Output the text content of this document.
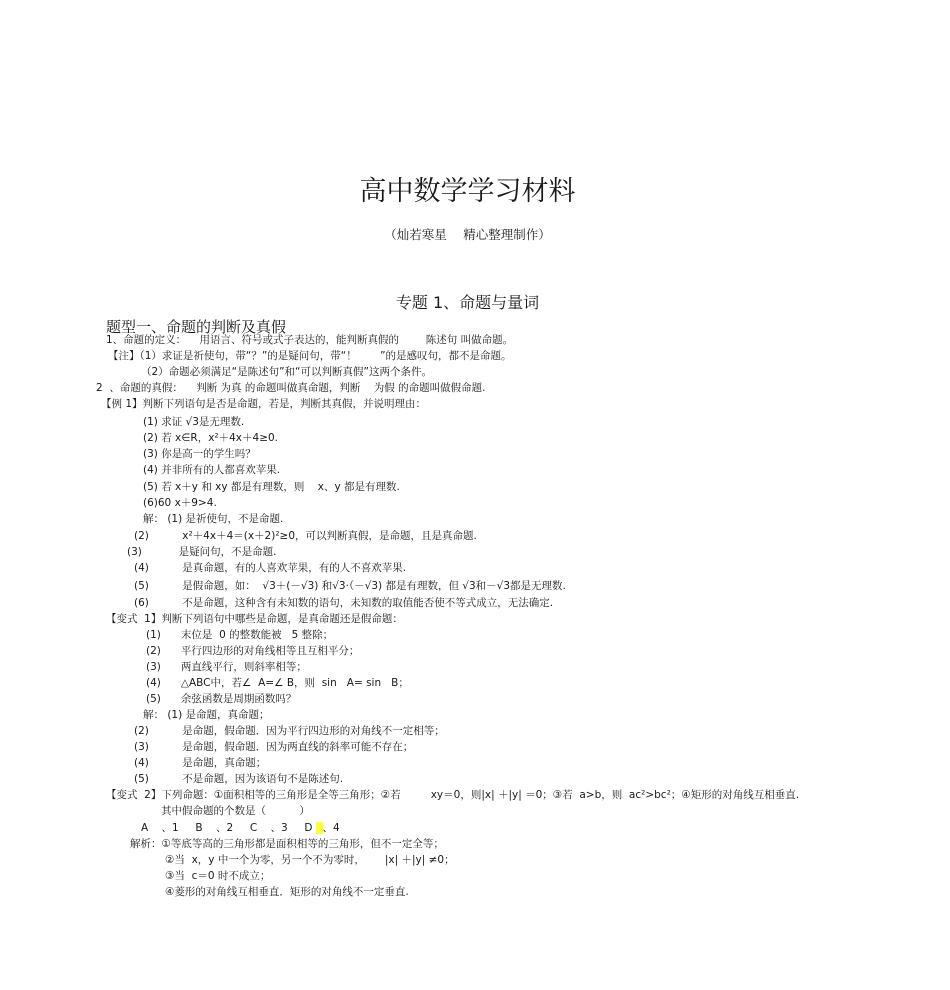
高中数学学习材料
（灿若寒星　 精心整理制作）
专题 1、命题与量词
题型一、命题的判断及真假
1、命题的定义：    用语言、符号或式子表达的，能判断真假的        陈述句 叫做命题。
【注】（1）求证是祈使句，带“？”的是疑问句，带“！       ”的是感叹句，都不是命题。
（2）命题必须满足“是陈述句”和“可以判断真假”这两个条件。
2  、命题的真假：    判断 为真 的命题叫做真命题，判断    为假 的命题叫做假命题.
【例 1】判断下列语句是否是命题，若是，判断其真假，并说明理由：
(1) 求证 √3是无理数.
(2) 若 x∈R，x²＋4x＋4≥0.
(3) 你是高一的学生吗？
(4) 并非所有的人都喜欢苹果.
(5) 若 x＋y 和 xy 都是有理数，则    x、y 都是有理数.
(6)60 x＋9>4.
解： (1) 是祈使句，不是命题.
(2)          x²＋4x＋4＝(x＋2)²≥0，可以判断真假，是命题，且是真命题.
(3)           是疑问句，不是命题.
(4)          是真命题，有的人喜欢苹果，有的人不喜欢苹果.
(5)          是假命题，如：  √3＋(－√3) 和√3·（－√3) 都是有理数，但 √3和－√3都是无理数.
(6)          不是命题，这种含有未知数的语句，未知数的取值能否使不等式成立，无法确定.
【变式  1】判断下列语句中哪些是命题，是真命题还是假命题：
(1)      末位是  0 的整数能被   5 整除；
(2)      平行四边形的对角线相等且互相平分；
(3)      两直线平行，则斜率相等；
(4)      △ABC中，若∠  A=∠ B，则  sin   A= sin   B；
(5)      余弦函数是周期函数吗？
解： (1) 是命题，真命题；
(2)          是命题，假命题．因为平行四边形的对角线不一定相等；
(3)          是命题，假命题．因为两直线的斜率可能不存在；
(4)          是命题，真命题；
(5)          不是命题，因为该语句不是陈述句.
【变式  2】下列命题：①面积相等的三角形是全等三角形；②若         xy＝0，则|x| ＋|y| ＝0；③若  a>b，则  ac²>bc²；④矩形的对角线互相垂直.
其中假命题的个数是（          ）
A    、1     B    、2     C    、3     D   、4
解析：①等底等高的三角形都是面积相等的三角形，但不一定全等；
②当  x，y 中一个为零，另一个不为零时，      |x| ＋|y| ≠0；
③当  c＝0 时不成立；
④菱形的对角线互相垂直．矩形的对角线不一定垂直.
